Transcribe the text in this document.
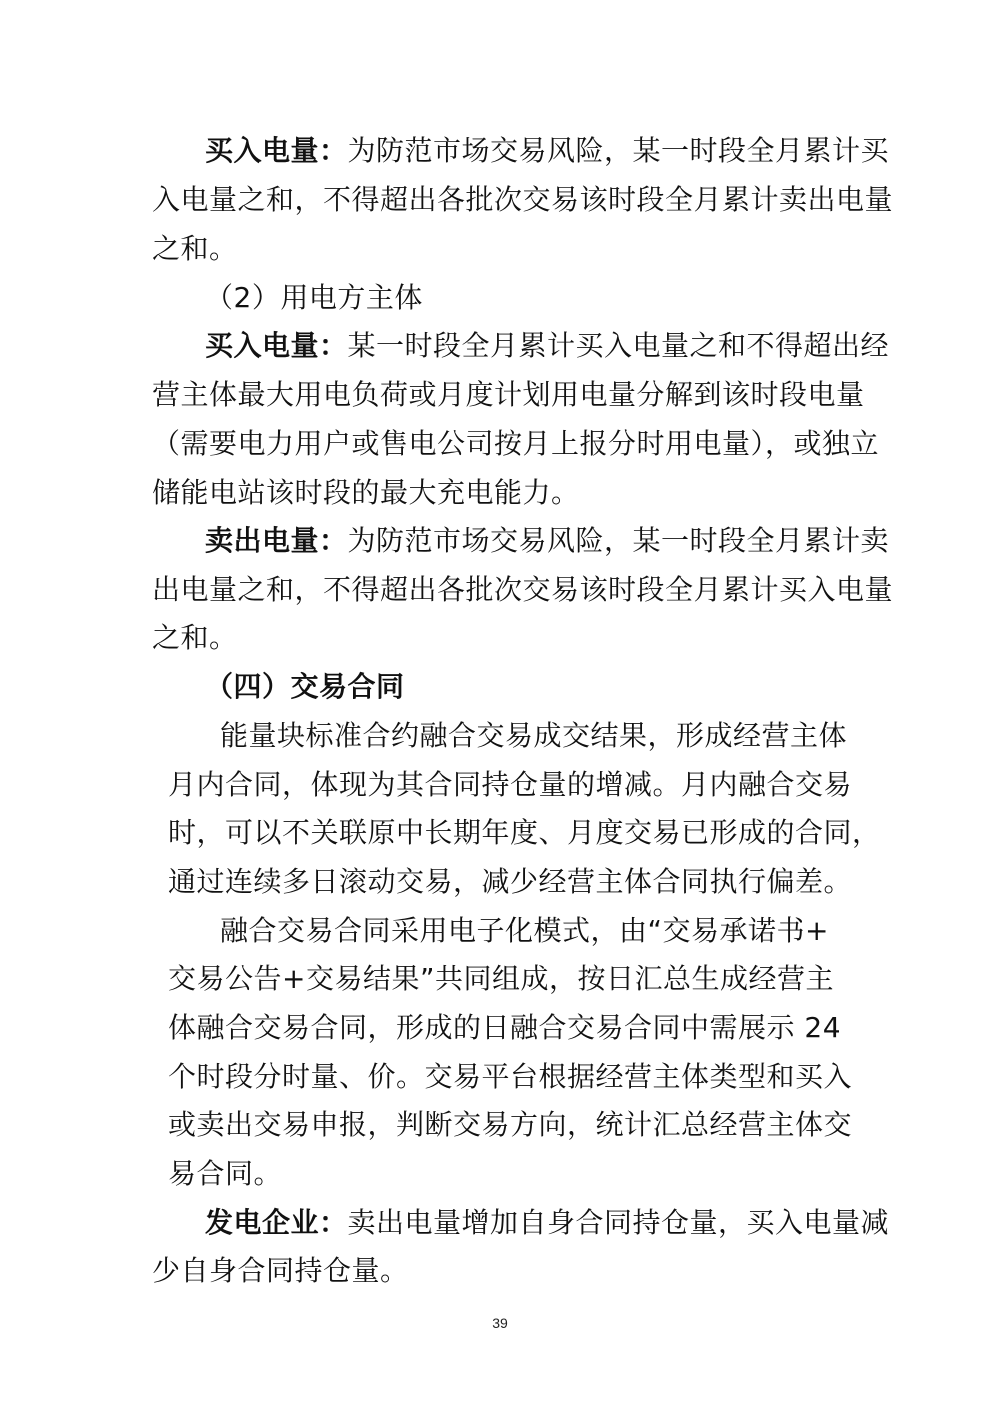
买入电量：为防范市场交易风险，某一时段全月累计买
入电量之和，不得超出各批次交易该时段全月累计卖出电量
之和。
（2）用电方主体
买入电量：某一时段全月累计买入电量之和不得超出经
营主体最大用电负荷或月度计划用电量分解到该时段电量
（需要电力用户或售电公司按月上报分时用电量），或独立
储能电站该时段的最大充电能力。
卖出电量：为防范市场交易风险，某一时段全月累计卖
出电量之和，不得超出各批次交易该时段全月累计买入电量
之和。
（四）交易合同
能量块标准合约融合交易成交结果，形成经营主体
月内合同，体现为其合同持仓量的增减。月内融合交易
时，可以不关联原中长期年度、月度交易已形成的合同，
通过连续多日滚动交易，减少经营主体合同执行偏差。
融合交易合同采用电子化模式，由“交易承诺书+
交易公告+交易结果”共同组成，按日汇总生成经营主
体融合交易合同，形成的日融合交易合同中需展示 24
个时段分时量、价。交易平台根据经营主体类型和买入
或卖出交易申报，判断交易方向，统计汇总经营主体交
易合同。
发电企业：卖出电量增加自身合同持仓量，买入电量减
少自身合同持仓量。
39
